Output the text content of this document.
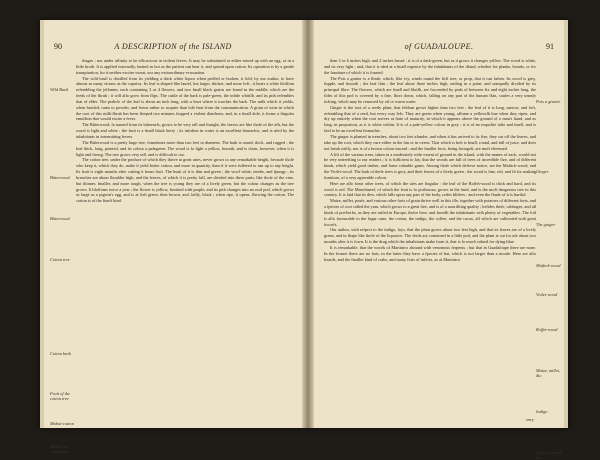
90	A DESCRIPTION of the ISLAND

rhages ; nor under affinity to be efficacious in violent fevers. It may be substituted or either mixed up with an egg, or in a little broth. It is applied externally, heated as hot as the patient can bear it, and spread upon cotton. Its operation is by a gentle transpiration, for it neither excites sweat, nor any extraordinary evacuation.

The wild basil is distilled from its yielding a thick white liquor when prefled or broken, it fold, by our author, to have almost as many virtues as the copaiva. Its leaf is shaped like laurel, but larger, thicker, and more foft ; it bears a white bloffom refembling the jeffamin, each containing 3 or 4 flowers, and two fmall black grains are found in the middle, which are the feeds of the fhrub ; it will alfo grow from flips. The cuttle of the bark is pale-green, the inftde whitifh, and its pith refembles that of elder. The pedicle of the leaf is about an inch long, with a knot where it touches the bark. The milk which it yields, when bruifed, turns to powder, and ferms rather to acquire than lofe heat from the communication. A grain of wine in which the root of this milk-fhrub has been fteeped two minutes ftopped a violent diarrhoea, and, in a fmall dofe, it forms a fingular emulfion that would excite a fever.

The Bitterwood, fo named from its bitternefs, grows to be very tall and ftraight, the leaves are like thofe of the afh, but the wood is light and white ; the fruit is a fmall black berry ; its infufion in water is an excellent ftomachic, and is ufed by the inhabitants in intermitting fevers.

The Bitterwood is a pretty large tree, fometimes more than two feet in diameter. The bark is round, thick, and rugged ; the leaf thick, long, pointed, and its colour a palegreen. The wood is fo light a yellow, fmooth, and is clean, however, when it is light and ftrong. The tree grows very tall, and is difficult to cut.

The cotton tree, under the produce of which they thrive at great rates, never grows to any remarkable height, becaufe thofe who keep it, which they do, make it yield better cotton, and more in quantity, than if it were fuffered to run up to any height. Its fruit is eight months after cutting it bears fruit. The husk of it is thin and green ; the wool white, tender, and fpungy ; its branches are about fhoulder high, and the leaves, of which it is pretty full, are divided into three parts, like thofe of the vine, but thinner, fmaller, and more tough, when the tree is young they are of a lively green, but the colour changes as the tree grows. It bloffoms twice a year ; the flower is yellow, ftreaked with purple, and its pith changes into an oval pod, which grows as large as a pigeon's egg, and is at firft green, then brown, and, laftly, black ; when ripe, it opens, fhewing the cotton. The cotton is of the fineft kind.

Wild Basil
Bitterwood
Bitterwood
Cotton tree
Cotton bark
Fruit of the cotton tree
Mahot-cotton
Mahot wax with fugar
of GUADALOUPE.	91

than 3 or 6 inches high, and 2 inches broad ; it is of a dark-green, but as it grows it changes yellow. The wood is white, and its very light ; and, that it is ufed at a fmall expence by the inhabitants of the ifland, whether for planks, boards, or for the furniture of which it is formed.

The Pois a gratter is a fhrub, which, like ivy, winds round the firft tree, or prop, that it can faften. Its wood is grey, fupple, and fmooth ; the leaf thin ; the leaf about three inches high, ending in a point, and unequally divided by its principal fibre. The flowers, which are fmall and bluifh, are fucceeded by pods of between fix and eight inches long, the fides of this pod is covered by a fine, fhort down, which, falling on any part of the human fkin, caufes a very uneafy itching, which may be removed by oil or warm water.

Ginger is the root of a reedy plant, that feldom grows higher than two feet : the leaf of it is long, narrow, and foft, refembling that of a reed, but every way lefs. They are green when young, affume a yellowifh hue when they ripen, and dry up entirely when the root arrives at ftate of maturity, in which it appears above the ground of a man's hand, and as long, in proportion, as it is white within. It is of a pale-yellow colour in grey ; it is of an exquifite tafte and fmell, and is faid to be an excellent ftomachic.

The ginger is planted in trenches, about two feet afunder, and when it has arrived to its fize, they cut off the leaves, and take up the root, which they cure either in the fun or in ovens. That which is beft is fmall, round, and full of juice, and does not break eafily, nor is of a brown colour inward ; and the fmaller forts, being ftrongeft, are moft efteemed.

A lift of the various trees, taken in a moderately wide extent of ground in the island, with the names of each, would not be very interefting to our readers ; it is fufficient to fay, that the woods are full of trees of incredible fize, and of different kinds, which yield good timber, and fome valuable gums. Among thofe which deferve notice, are the Maftick-wood, and the Violet-wood. The bark of thefe trees is grey, and their leaves of a lively green ; the wood is fine, red, and fit for making furniture, of a very agreeable colour.

Here are alfo fome other trees, of which the ufes are fingular : the leaf of the Roffet-wood is thick and hard, and its wood is red. The Manchineel, of which the fruit is fo poifonous, grows in the fand, and is the moft dangerous tree in this country. It is faid that its dew, which falls upon any part of the body, raifes blifters ; and even the fhade of it is hurtful.

Maize, millet, peafe, and various other forts of grain thrive well in this ifle, together with potatoes of different forts, and a fpecies of root called the yam, which grows to a great fize, and is of a nourifhing quality ; befides thefe, cabbages, and all kinds of pot-herbs, as they are raifed in Europe, thrive here, and furnifh the inhabitants with plenty of vegetables. The foil is alfo favourable to the fugar cane, the cotton, the indigo, the coffee, and the cacao, all which are cultivated with great fuccefs.

Our author, with refpect to the indigo, fays, that the plant grows about two feet high, and that its leaves are of a lively green, and in fhape like thofe of the liquorice. The feeds are contained in a little pod, and the plant is cut for ufe about two months after it is fown. It is the drug which the inhabitants make from it, that is fo much valued for dying blue.

It is remarkable, that the woods of Martinico abound with venomous ferpents ; but that in Guadaloupe there are none. In the former there are no bats, in the latter they have a fpecies of bat, which is not larger than a moufe. Here are alfo lizards, and the fmaller kind of crabs, and many forts of infects, as at Martinico.

Pois a gratter
Ginger
The ginger
Maftick-wood
Violet-wood
Roffet-wood
Maize, millet, &c.
Indigo
Ants, or wood-lice
very
